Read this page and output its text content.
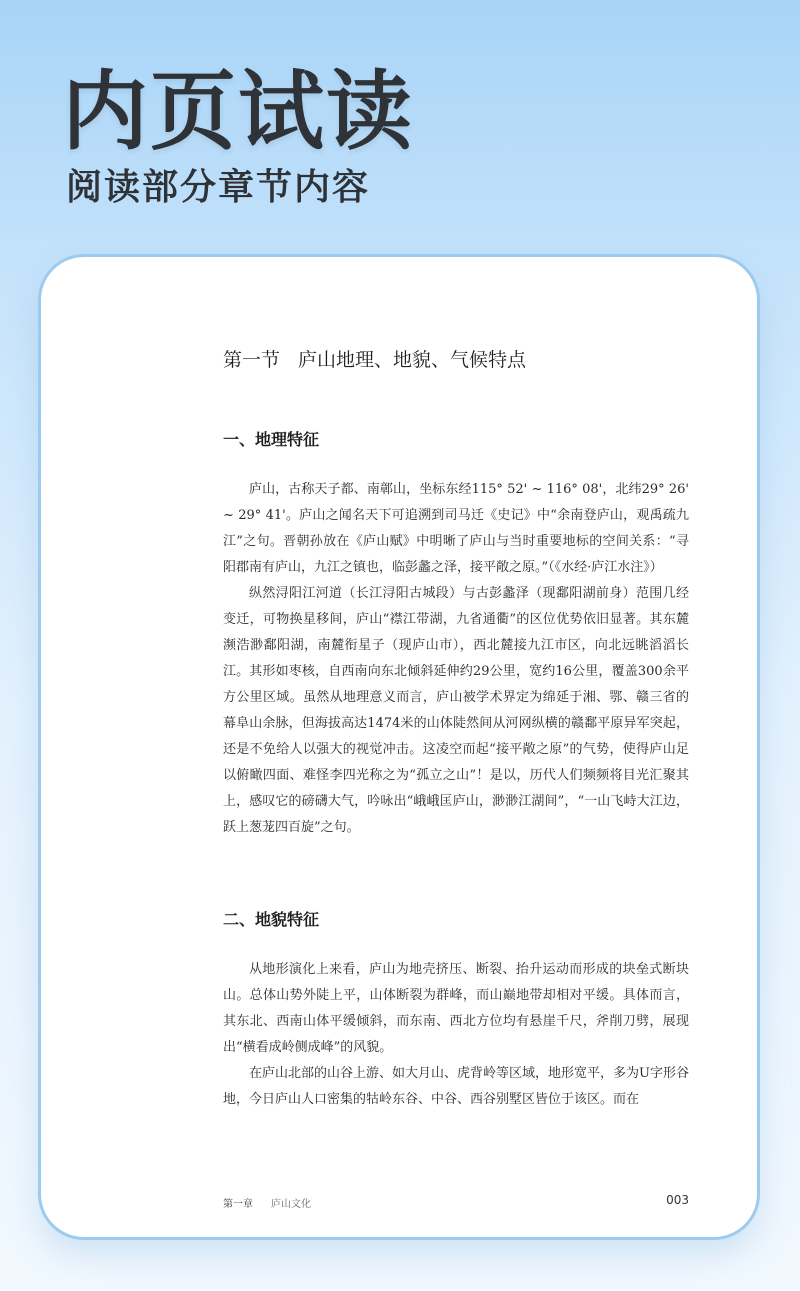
内页试读
阅读部分章节内容
第一节 庐山地理、地貌、气候特点
一、地理特征

庐山，古称天子都、南鄣山，坐标东经115° 52' ~ 116° 08'，北纬29° 26' ~ 29° 41'。庐山之闻名天下可追溯到司马迁《史记》中“余南登庐山，观禹疏九江”之句。晋朝孙放在《庐山赋》中明晰了庐山与当时重要地标的空间关系：“寻阳郡南有庐山，九江之镇也，临彭蠡之泽，接平敞之原。”（《水经·庐江水注》）

纵然浔阳江河道（长江浔阳古城段）与古彭蠡泽（现鄱阳湖前身）范围几经变迁，可物换星移间，庐山“襟江带湖，九省通衢”的区位优势依旧显著。其东麓濒浩渺鄱阳湖，南麓衔星子（现庐山市），西北麓接九江市区，向北远眺滔滔长江。其形如枣核，自西南向东北倾斜延伸约29公里，宽约16公里，覆盖300余平方公里区域。虽然从地理意义而言，庐山被学术界定为绵延于湘、鄂、赣三省的幕阜山余脉，但海拔高达1474米的山体陡然间从河网纵横的赣鄱平原异军突起，还是不免给人以强大的视觉冲击。这凌空而起“接平敞之原”的气势，使得庐山足以俯瞰四面、难怪李四光称之为“孤立之山”！是以，历代人们频频将目光汇聚其上，感叹它的磅礴大气，吟咏出“峨峨匡庐山，渺渺江湖间”，“一山飞峙大江边，跃上葱茏四百旋”之句。

二、地貌特征

从地形演化上来看，庐山为地壳挤压、断裂、抬升运动而形成的块垒式断块山。总体山势外陡上平，山体断裂为群峰，而山巅地带却相对平缓。具体而言，其东北、西南山体平缓倾斜，而东南、西北方位均有悬崖千尺，斧削刀劈，展现出“横看成岭侧成峰”的风貌。

在庐山北部的山谷上游、如大月山、虎背岭等区域，地形宽平，多为U字形谷地，今日庐山人口密集的牯岭东谷、中谷、西谷别墅区皆位于该区。而在

第一章 庐山文化	003
